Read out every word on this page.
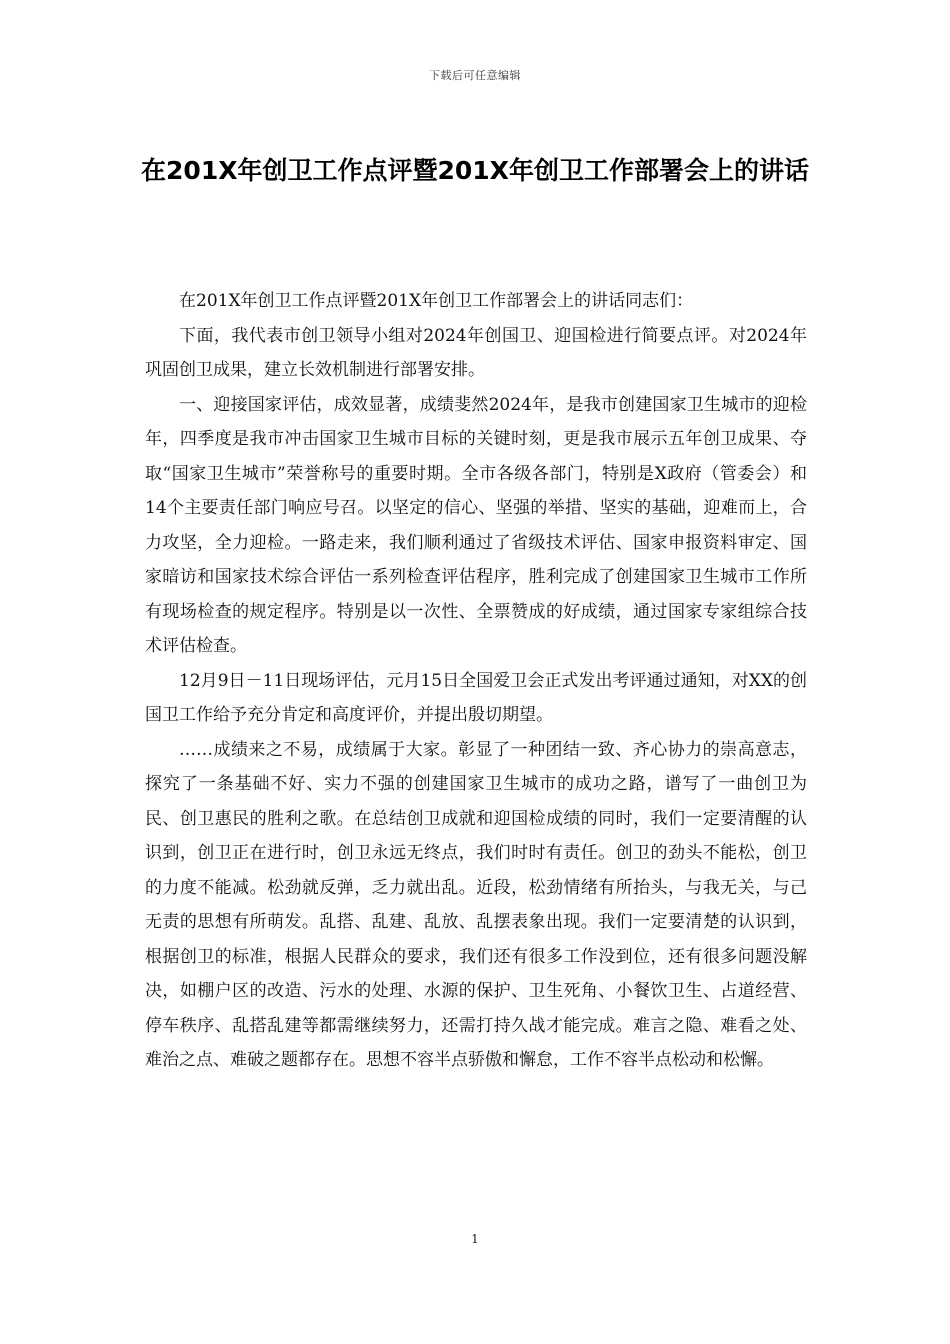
下载后可任意编辑
在201X年创卫工作点评暨201X年创卫工作部署会上的讲话

在201X年创卫工作点评暨201X年创卫工作部署会上的讲话同志们：

下面，我代表市创卫领导小组对2024年创国卫、迎国检进行简要点评。对2024年巩固创卫成果，建立长效机制进行部署安排。

一、迎接国家评估，成效显著，成绩斐然2024年，是我市创建国家卫生城市的迎检年，四季度是我市冲击国家卫生城市目标的关键时刻，更是我市展示五年创卫成果、夺取“国家卫生城市”荣誉称号的重要时期。全市各级各部门，特别是X政府（管委会）和14个主要责任部门响应号召。以坚定的信心、坚强的举措、坚实的基础，迎难而上，合力攻坚，全力迎检。一路走来，我们顺利通过了省级技术评估、国家申报资料审定、国家暗访和国家技术综合评估一系列检查评估程序，胜利完成了创建国家卫生城市工作所有现场检查的规定程序。特别是以一次性、全票赞成的好成绩，通过国家专家组综合技术评估检查。

12月9日－11日现场评估，元月15日全国爱卫会正式发出考评通过通知，对XX的创国卫工作给予充分肯定和高度评价，并提出殷切期望。

……成绩来之不易，成绩属于大家。彰显了一种团结一致、齐心协力的崇高意志，探究了一条基础不好、实力不强的创建国家卫生城市的成功之路，谱写了一曲创卫为民、创卫惠民的胜利之歌。在总结创卫成就和迎国检成绩的同时，我们一定要清醒的认识到，创卫正在进行时，创卫永远无终点，我们时时有责任。创卫的劲头不能松，创卫的力度不能减。松劲就反弹，乏力就出乱。近段，松劲情绪有所抬头，与我无关，与己无责的思想有所萌发。乱搭、乱建、乱放、乱摆表象出现。我们一定要清楚的认识到，根据创卫的标准，根据人民群众的要求，我们还有很多工作没到位，还有很多问题没解决，如棚户区的改造、污水的处理、水源的保护、卫生死角、小餐饮卫生、占道经营、停车秩序、乱搭乱建等都需继续努力，还需打持久战才能完成。难言之隐、难看之处、难治之点、难破之题都存在。思想不容半点骄傲和懈怠，工作不容半点松动和松懈。

1
